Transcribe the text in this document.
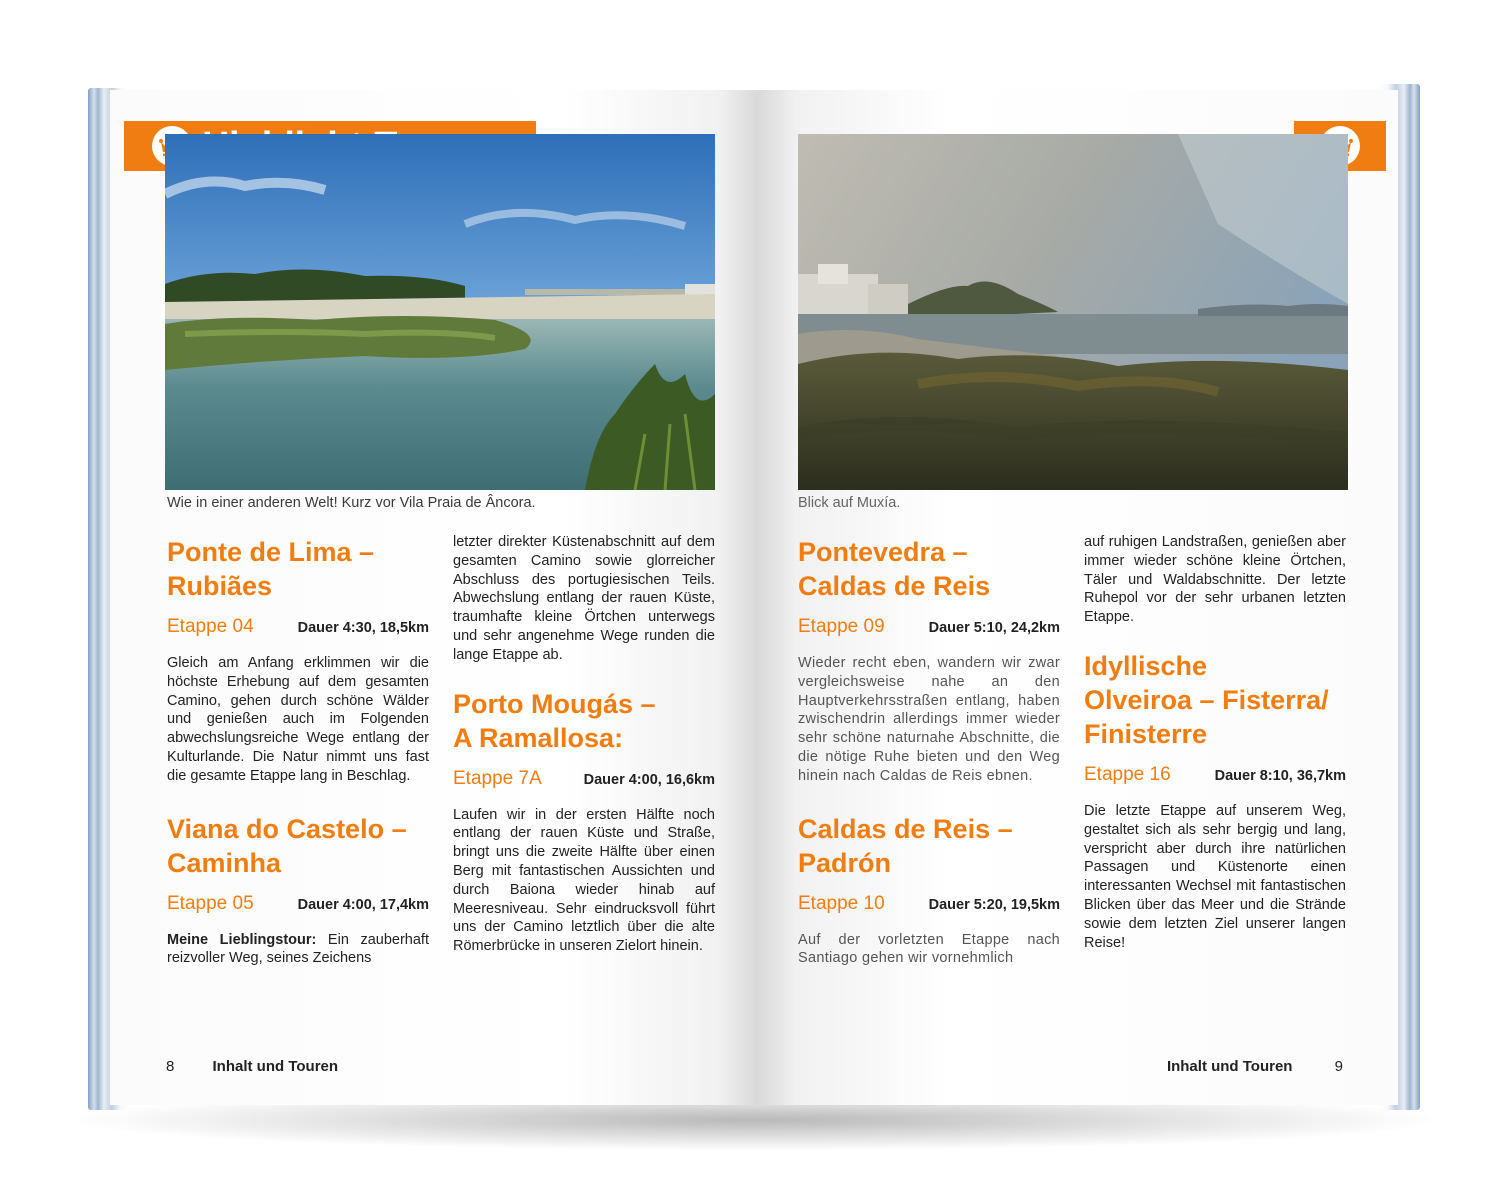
Wie in einer anderen Welt! Kurz vor Vila Praia de Âncora.
Ponte de Lima –
Rubiães
Etappe 04	Dauer 4:30, 18,5km

Gleich am Anfang erklimmen wir die höchste Erhebung auf dem gesamten Camino, gehen durch schöne Wälder und genießen auch im Folgenden abwechslungsreiche Wege entlang der Kulturlande. Die Natur nimmt uns fast die gesamte Etappe lang in Beschlag.

Viana do Castelo –
Caminha
Etappe 05	Dauer 4:00, 17,4km

Meine Lieblingstour: Ein zauberhaft reizvoller Weg, seines Zeichens

letzter direkter Küstenabschnitt auf dem gesamten Camino sowie glorreicher Abschluss des portugiesischen Teils. Abwechslung entlang der rauen Küste, traumhafte kleine Örtchen unterwegs und sehr angenehme Wege runden die lange Etappe ab.

Porto Mougás –
A Ramallosa:
Etappe 7A	Dauer 4:00, 16,6km

Laufen wir in der ersten Hälfte noch entlang der rauen Küste und Straße, bringt uns die zweite Hälfte über einen Berg mit fantastischen Aussichten und durch Baiona wieder hinab auf Meeresniveau. Sehr eindrucksvoll führt uns der Camino letztlich über die alte Römerbrücke in unseren Zielort hinein.

8	Inhalt und Touren
Blick auf Muxía.
Pontevedra –
Caldas de Reis
Etappe 09	Dauer 5:10, 24,2km

Wieder recht eben, wandern wir zwar vergleichsweise nahe an den Hauptverkehrsstraßen entlang, haben zwischendrin allerdings immer wieder sehr schöne naturnahe Abschnitte, die die nötige Ruhe bieten und den Weg hinein nach Caldas de Reis ebnen.

Caldas de Reis –
Padrón
Etappe 10	Dauer 5:20, 19,5km

Auf der vorletzten Etappe nach Santiago gehen wir vornehmlich

auf ruhigen Landstraßen, genießen aber immer wieder schöne kleine Örtchen, Täler und Waldabschnitte. Der letzte Ruhepol vor der sehr urbanen letzten Etappe.

Idyllische
Olveiroa – Fisterra/
Finisterre
Etappe 16	Dauer 8:10, 36,7km

Die letzte Etappe auf unserem Weg, gestaltet sich als sehr bergig und lang, verspricht aber durch ihre natürlichen Passagen und Küstenorte einen interessanten Wechsel mit fantastischen Blicken über das Meer und die Strände sowie dem letzten Ziel unserer langen Reise!

Inhalt und Touren	9
